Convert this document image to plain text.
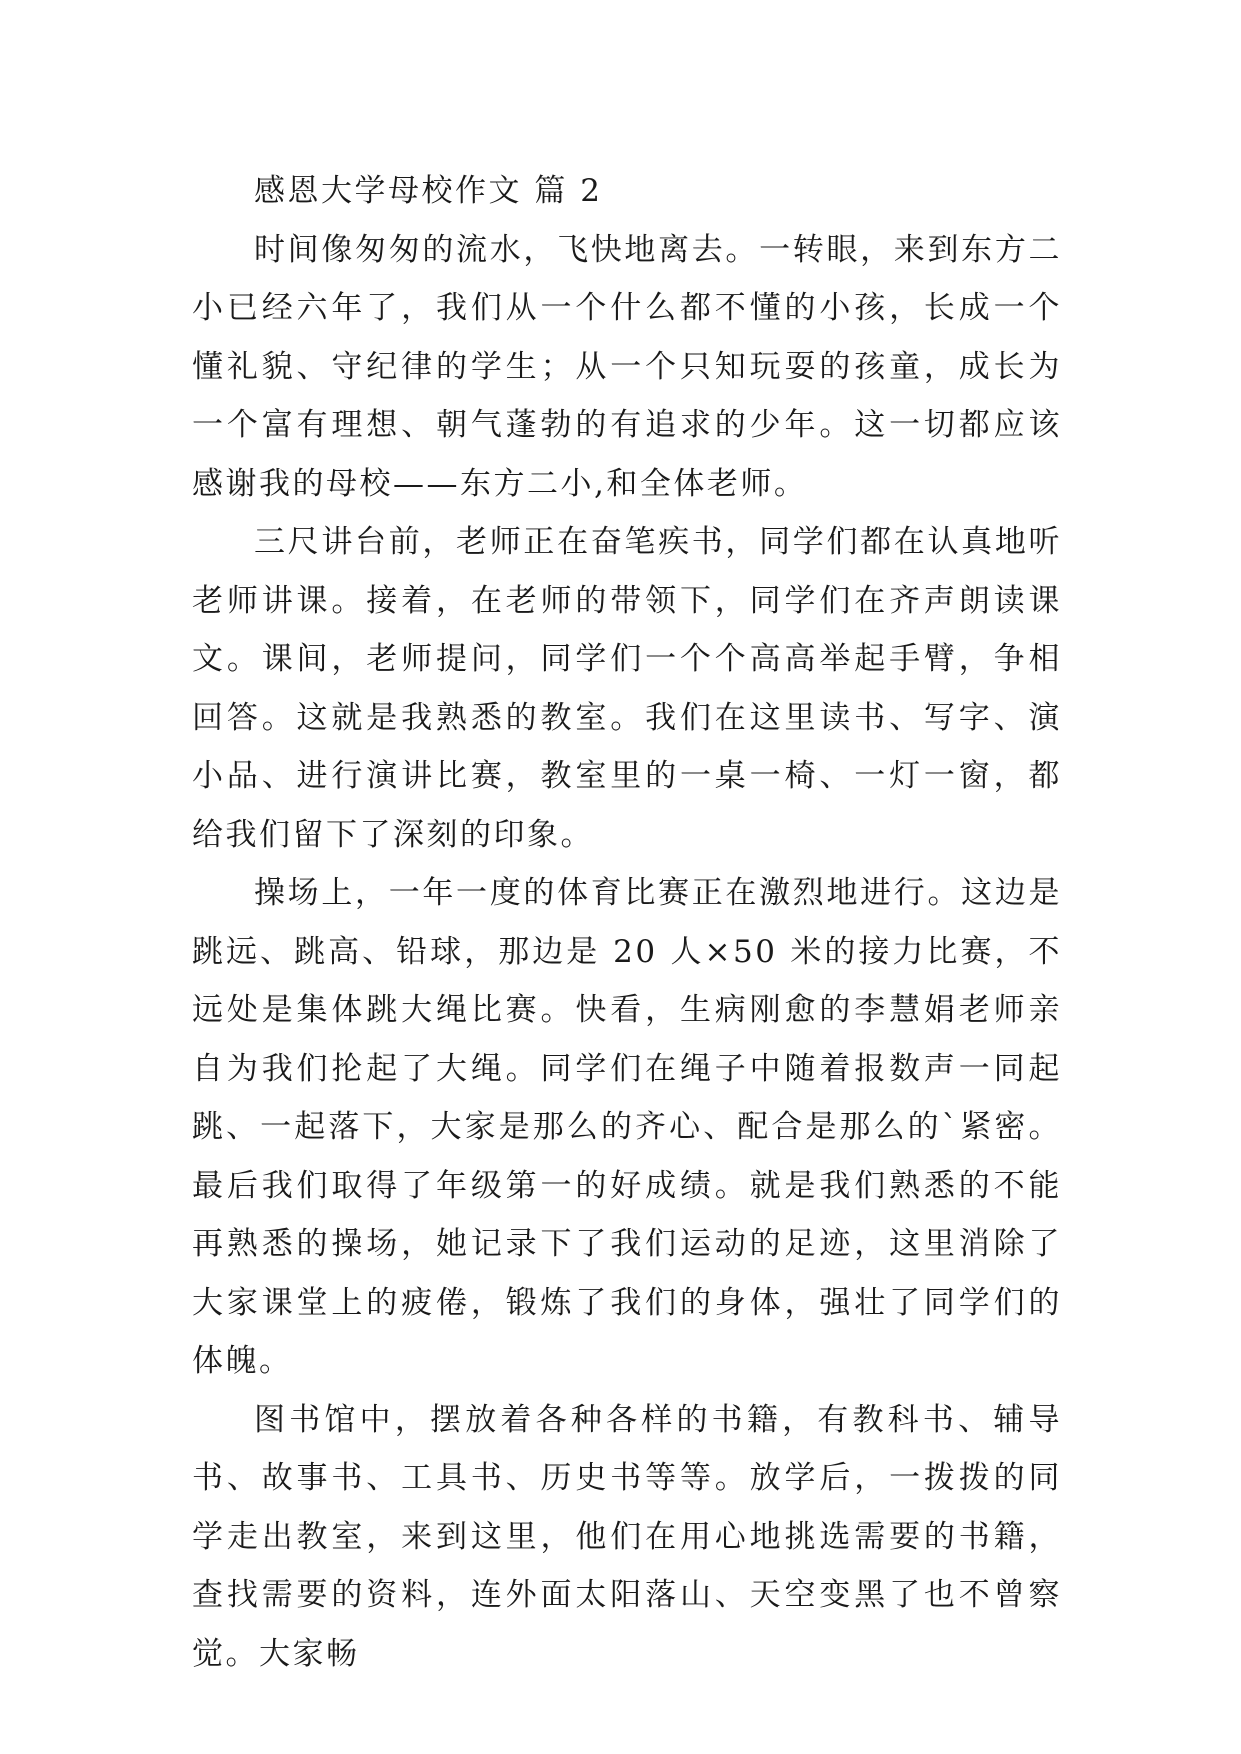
感恩大学母校作文 篇 2

时间像匆匆的流水，飞快地离去。一转眼，来到东方二小已经六年了，我们从一个什么都不懂的小孩，长成一个懂礼貌、守纪律的学生；从一个只知玩耍的孩童，成长为一个富有理想、朝气蓬勃的有追求的少年。这一切都应该感谢我的母校——东方二小,和全体老师。

三尺讲台前，老师正在奋笔疾书，同学们都在认真地听老师讲课。接着，在老师的带领下，同学们在齐声朗读课文。课间，老师提问，同学们一个个高高举起手臂，争相回答。这就是我熟悉的教室。我们在这里读书、写字、演小品、进行演讲比赛，教室里的一桌一椅、一灯一窗，都给我们留下了深刻的印象。

操场上，一年一度的体育比赛正在激烈地进行。这边是跳远、跳高、铅球，那边是 20 人×50 米的接力比赛，不远处是集体跳大绳比赛。快看，生病刚愈的李慧娟老师亲自为我们抡起了大绳。同学们在绳子中随着报数声一同起跳、一起落下，大家是那么的齐心、配合是那么的`紧密。最后我们取得了年级第一的好成绩。就是我们熟悉的不能再熟悉的操场，她记录下了我们运动的足迹，这里消除了大家课堂上的疲倦，锻炼了我们的身体，强壮了同学们的体魄。

图书馆中，摆放着各种各样的书籍，有教科书、辅导书、故事书、工具书、历史书等等。放学后，一拨拨的同学走出教室，来到这里，他们在用心地挑选需要的书籍，查找需要的资料，连外面太阳落山、天空变黑了也不曾察觉。大家畅
